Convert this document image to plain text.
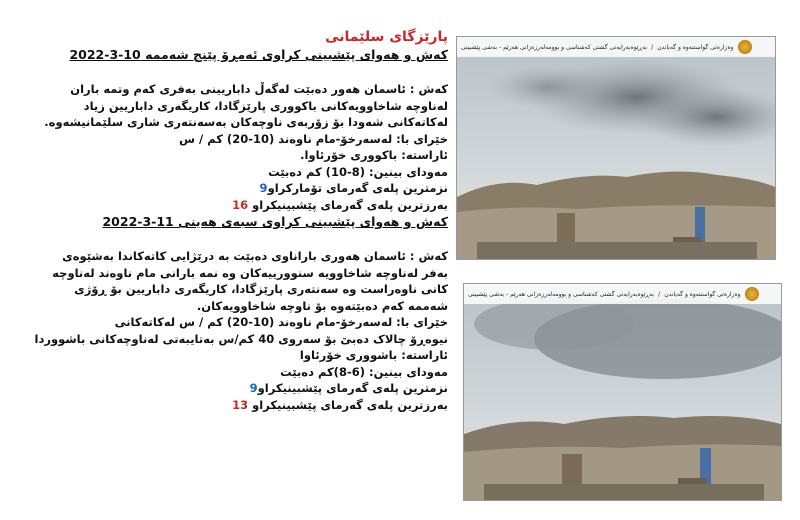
پارێزگای سلێمانی
کەش و هەوای پێشبینی کراوی ئەمڕۆ پێنج شەممە 2022-3-10

کەش : ئاسمان هەور دەبێت لەگەڵ داباریینی بەفری کەم وتمە باران لەناوچە شاخاوویەکانی باکووری پارێزگادا، کاریگەری داباریین زیاد لەکاتەکانی شەودا بۆ زۆربەی ناوچەکان بەسەنتەری شاری سلێمانیشەوە.

خێرای با: لەسەرخۆ-مام ناوەند (10-20) کم / س
ئاراستە: باکووری خۆرئاوا.
مەودای بینین: (8-10) کم دەبێت
نزمترین پلەی گەرمای تۆمارکراو9
بەرزترین پلەی گەرمای پێشبینیکراو 16
کەش و هەوای پێشبینی کراوی سبەی هەینی 2022-3-11

کەش : ئاسمان هەوری باراناوی دەبێت بە درێژایی کاتەکاندا بەشێوەی بەفر لەناوچە شاخاوویە سنوورییەکان وە نمە بارانی مام ناوەند لەناوچە کانی ناوەراست وە سەنتەری پارێزگادا، کاریگەری داباریین بۆ ڕۆژی شەممە کەم دەبێتەوە بۆ ناوچە شاخاوویەکان.

خێرای با: لەسەرخۆ-مام ناوەند (10-20) کم / س لەکاتەکانی
نیوەڕۆ چالاک دەبێ بۆ سەروی 40 کم/س بەتایبەتی لەناوچەکانی باشووردا
ئاراستە: باشووری خۆرئاوا
مەودای بینین: (6-8)کم دەبێت
نزمترین پلەی گەرمای پێشبینیکراو9
بەرزترین پلەی گەرمای پێشبینیکراو 13
وەزارەتی گواستنەوە و گەیاندن
/
بەڕێوەبەرایەتی گشتی کەشناسی و بوومەلەرزەزانی هەرێم - بەشی پێشبینی
وەزارەتی گواستنەوە و گەیاندن
/
بەڕێوەبەرایەتی گشتی کەشناسی و بوومەلەرزەزانی هەرێم - بەشی پێشبینی
